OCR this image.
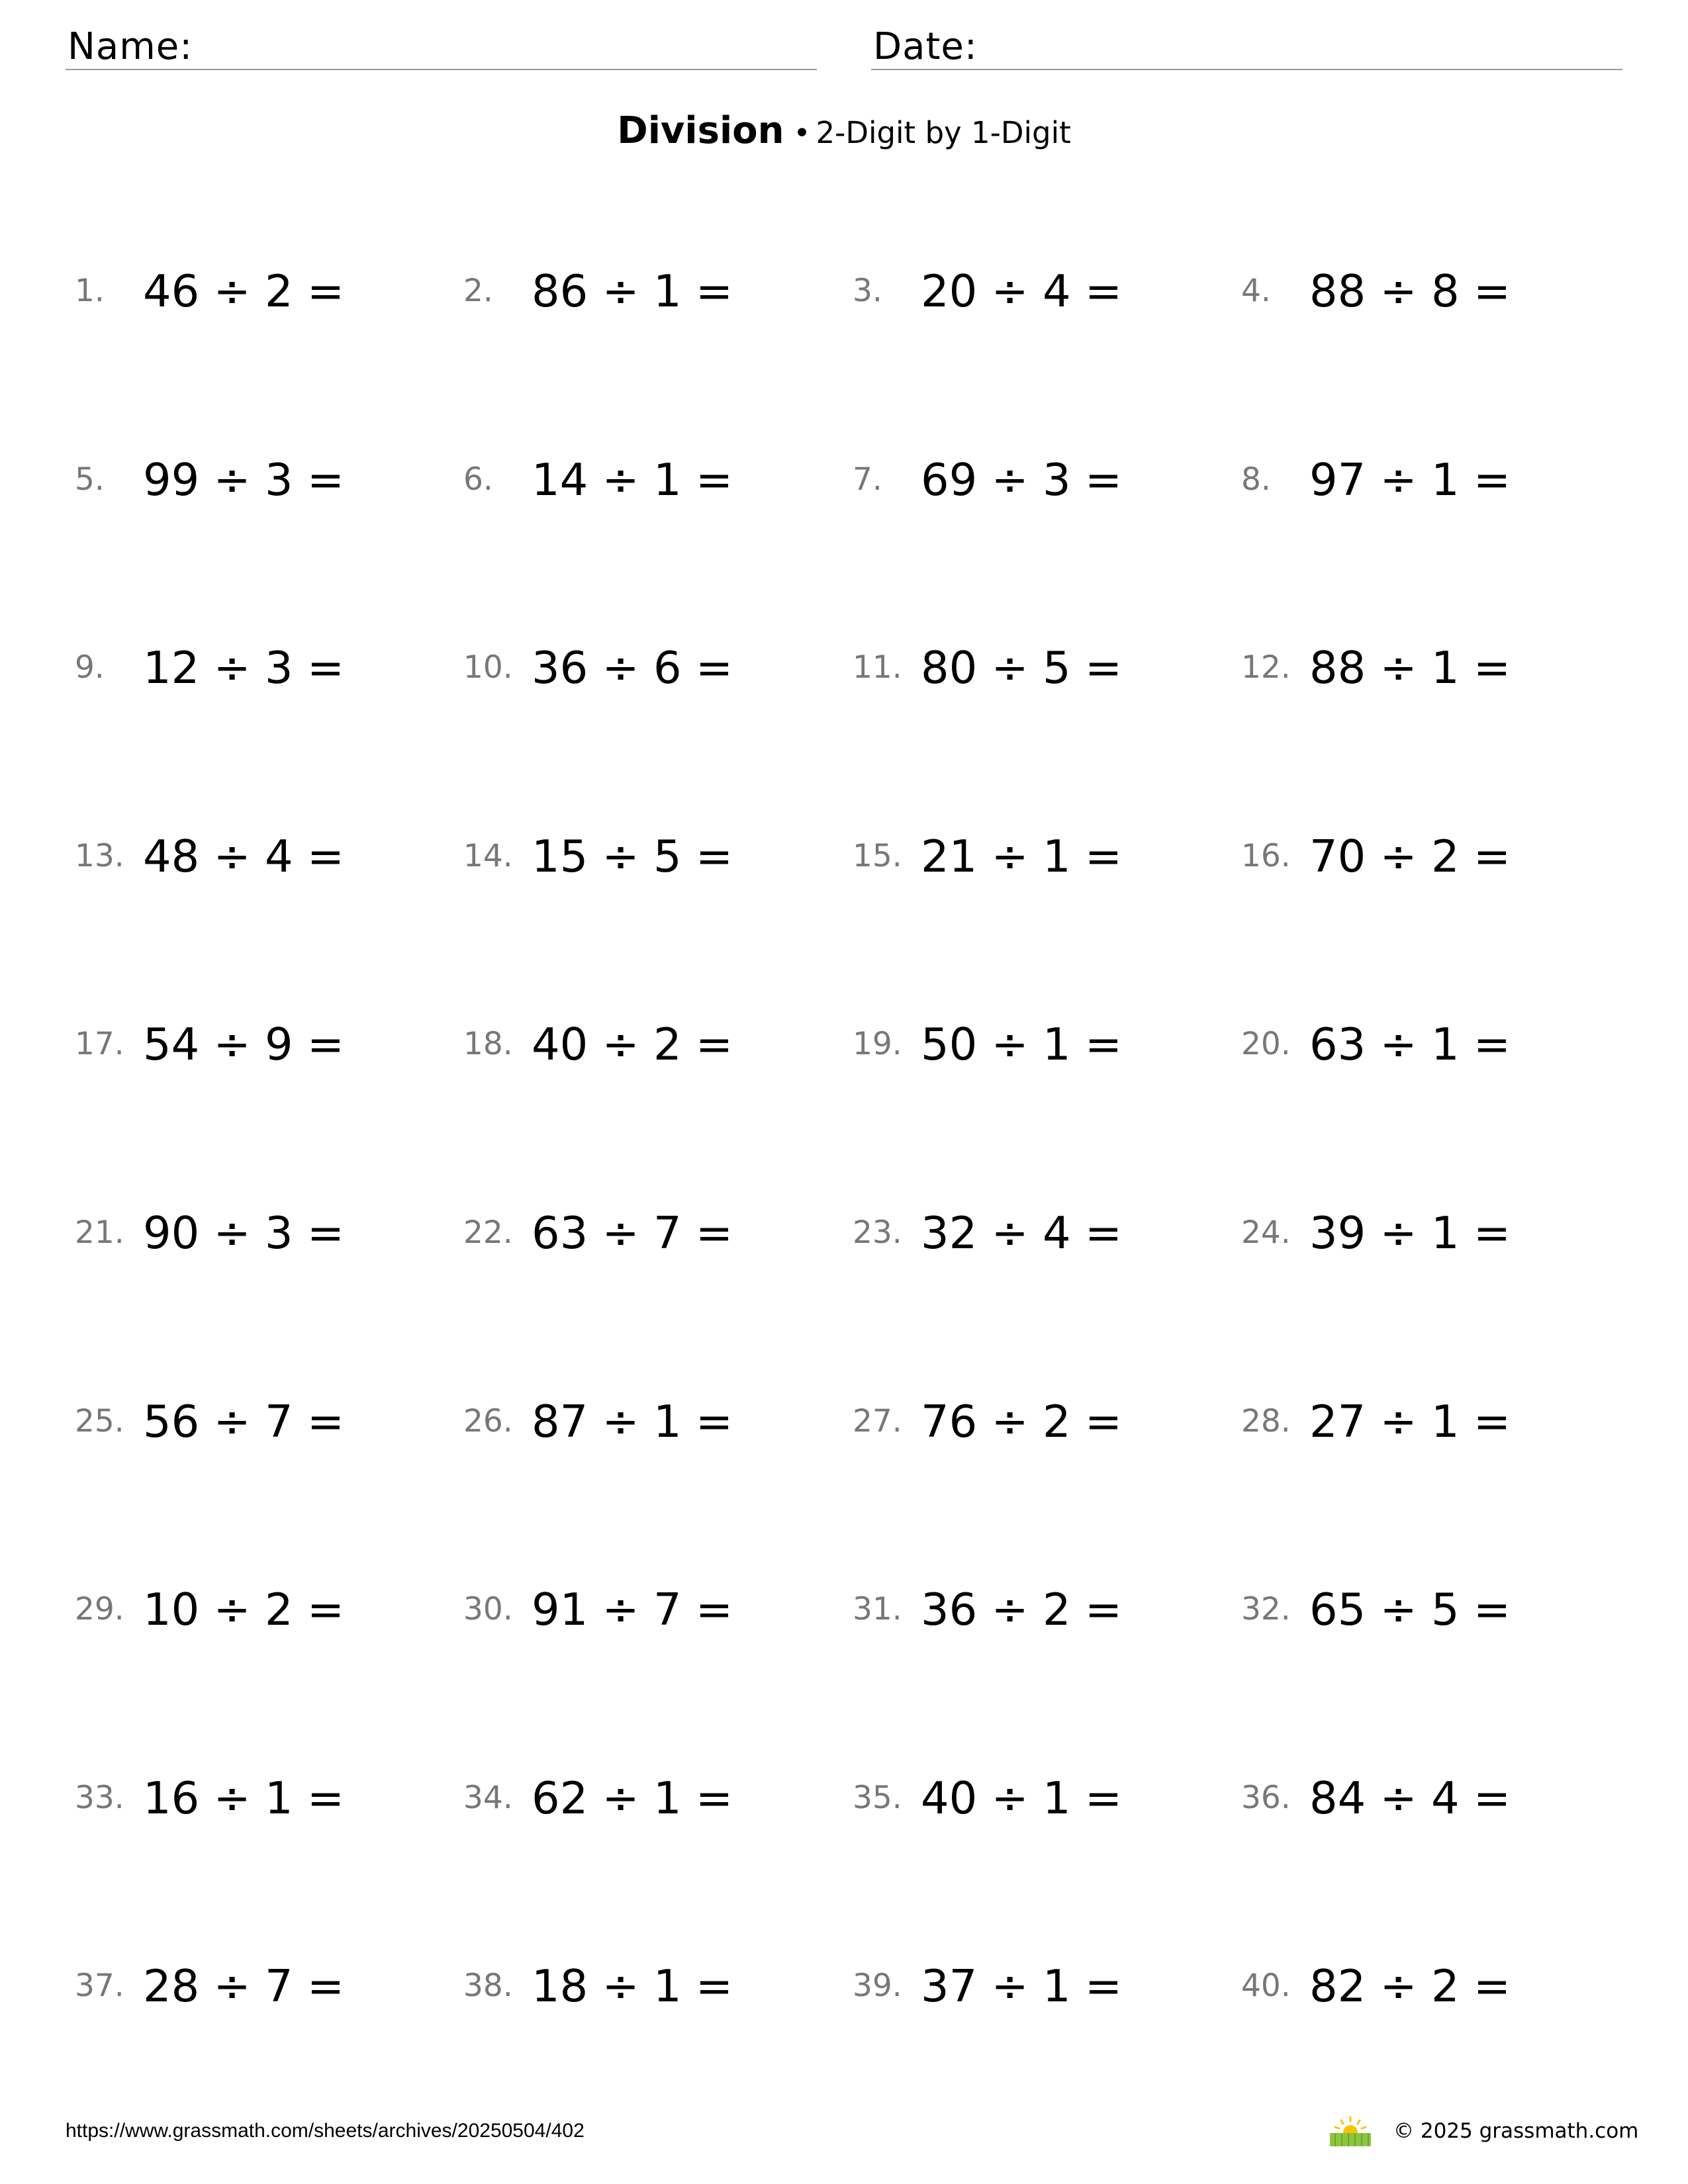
Name:	Date:
Division • 2-Digit by 1-Digit
1. 46 ÷ 2 =	2. 86 ÷ 1 =	3. 20 ÷ 4 =	4. 88 ÷ 8 =
5. 99 ÷ 3 =	6. 14 ÷ 1 =	7. 69 ÷ 3 =	8. 97 ÷ 1 =
9. 12 ÷ 3 =	10. 36 ÷ 6 =	11. 80 ÷ 5 =	12. 88 ÷ 1 =
13. 48 ÷ 4 =	14. 15 ÷ 5 =	15. 21 ÷ 1 =	16. 70 ÷ 2 =
17. 54 ÷ 9 =	18. 40 ÷ 2 =	19. 50 ÷ 1 =	20. 63 ÷ 1 =
21. 90 ÷ 3 =	22. 63 ÷ 7 =	23. 32 ÷ 4 =	24. 39 ÷ 1 =
25. 56 ÷ 7 =	26. 87 ÷ 1 =	27. 76 ÷ 2 =	28. 27 ÷ 1 =
29. 10 ÷ 2 =	30. 91 ÷ 7 =	31. 36 ÷ 2 =	32. 65 ÷ 5 =
33. 16 ÷ 1 =	34. 62 ÷ 1 =	35. 40 ÷ 1 =	36. 84 ÷ 4 =
37. 28 ÷ 7 =	38. 18 ÷ 1 =	39. 37 ÷ 1 =	40. 82 ÷ 2 =
https://www.grassmath.com/sheets/archives/20250504/402	© 2025 grassmath.com
